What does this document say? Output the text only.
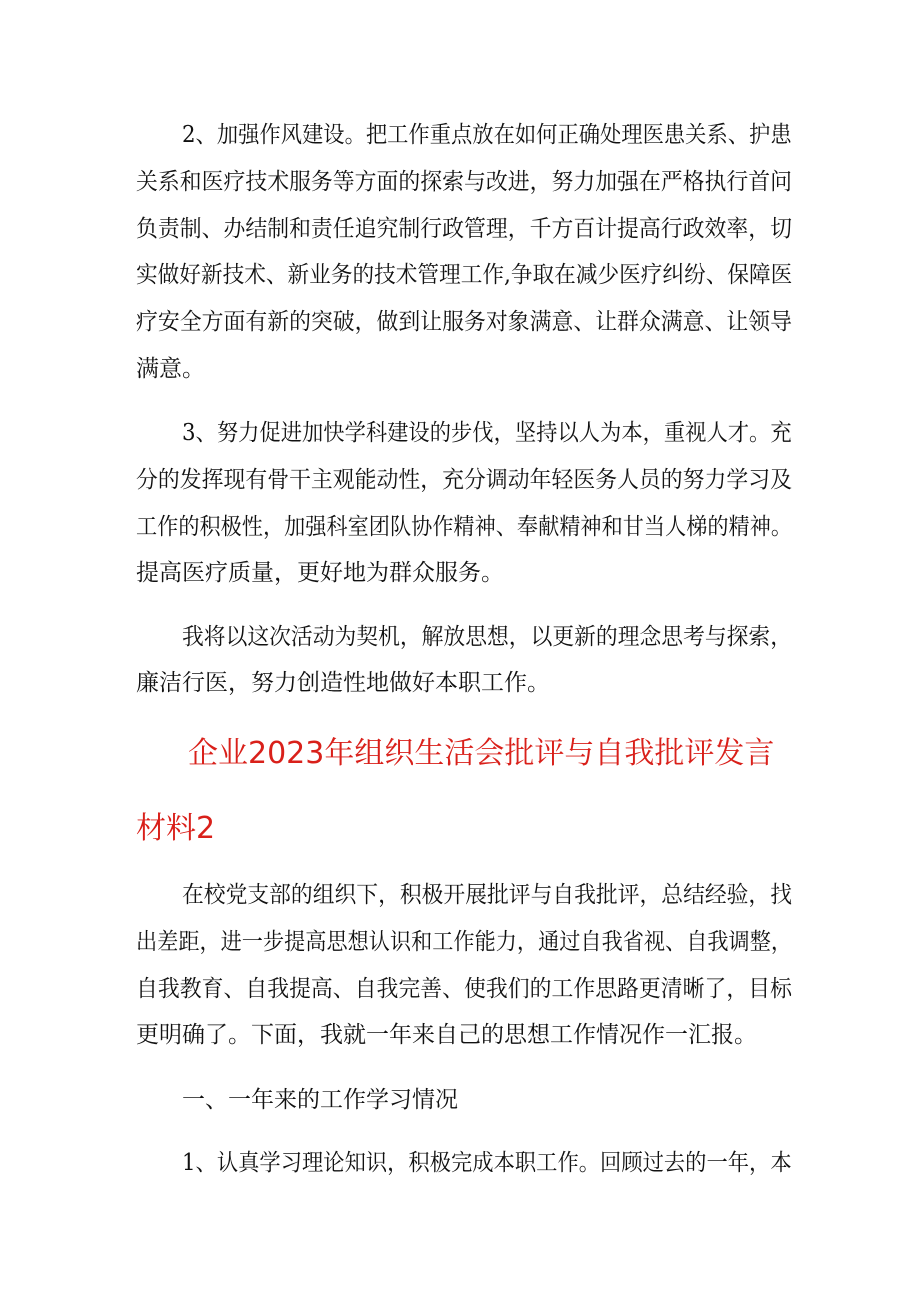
2、加强作风建设。把工作重点放在如何正确处理医患关系、护患
关系和医疗技术服务等方面的探索与改进，努力加强在严格执行首问
负责制、办结制和责任追究制行政管理，千方百计提高行政效率，切
实做好新技术、新业务的技术管理工作,争取在减少医疗纠纷、保障医
疗安全方面有新的突破，做到让服务对象满意、让群众满意、让领导
满意。
3、努力促进加快学科建设的步伐，坚持以人为本，重视人才。充
分的发挥现有骨干主观能动性，充分调动年轻医务人员的努力学习及
工作的积极性，加强科室团队协作精神、奉献精神和甘当人梯的精神。
提高医疗质量，更好地为群众服务。
我将以这次活动为契机，解放思想，以更新的理念思考与探索，
廉洁行医，努力创造性地做好本职工作。
企业2023年组织生活会批评与自我批评发言
材料2
在校党支部的组织下，积极开展批评与自我批评，总结经验，找
出差距，进一步提高思想认识和工作能力，通过自我省视、自我调整，
自我教育、自我提高、自我完善、使我们的工作思路更清晰了，目标
更明确了。下面，我就一年来自己的思想工作情况作一汇报。
一、一年来的工作学习情况
1、认真学习理论知识，积极完成本职工作。回顾过去的一年，本
